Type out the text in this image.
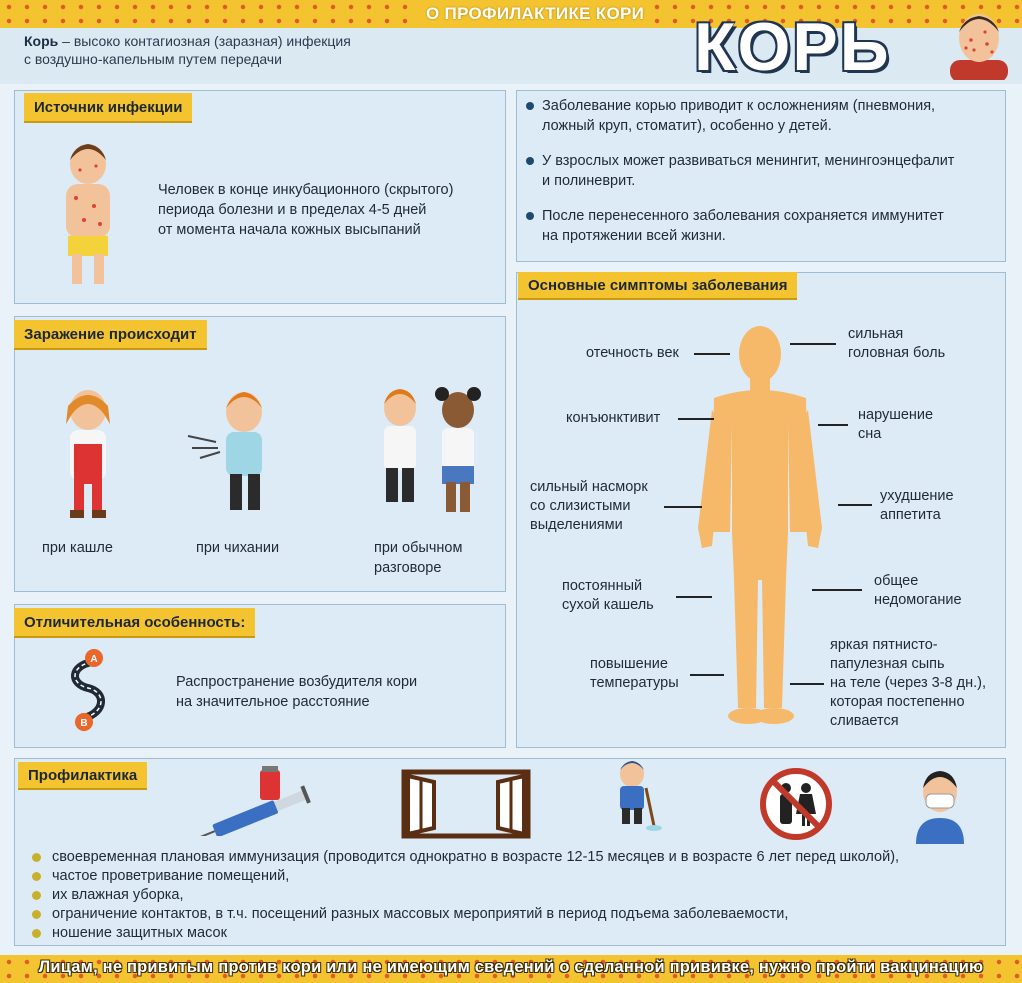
О ПРОФИЛАКТИКЕ КОРИ
Корь – высоко контагиозная (заразная) инфекция
с воздушно-капельным путем передачи	КОРЬ
Источник инфекции
Человек в конце инкубационного (скрытого)
периода болезни и в пределах 4-5 дней
от момента начала кожных высыпаний
Заболевание корью приводит к осложнениям (пневмония,
ложный круп, стоматит), особенно у детей.
У взрослых может развиваться менингит, менингоэнцефалит
и полиневрит.
После перенесенного заболевания сохраняется иммунитет
на протяжении всей жизни.
Заражение происходит
при кашле	при чихании	при обычном
разговоре
Отличительная особенность:
A
B
Распространение возбудителя кори
на значительное расстояние
Основные симптомы заболевания
отечность век
конъюнктивит
сильный насморк
со слизистыми
выделениями
постоянный
сухой кашель
повышение
температуры
сильная
головная боль
нарушение
сна
ухудшение
аппетита
общее
недомогание
яркая пятнисто-
папулезная сыпь
на теле (через 3-8 дн.),
которая постепенно
сливается
Профилактика
своевременная плановая иммунизация (проводится однократно в возрасте 12-15 месяцев и в возрасте 6 лет перед школой),
частое проветривание помещений,
их влажная уборка,
ограничение контактов, в т.ч. посещений разных массовых мероприятий в период подъема заболеваемости,
ношение защитных масок
Лицам, не привитым против кори или не имеющим сведений о сделанной прививке, нужно пройти вакцинацию
